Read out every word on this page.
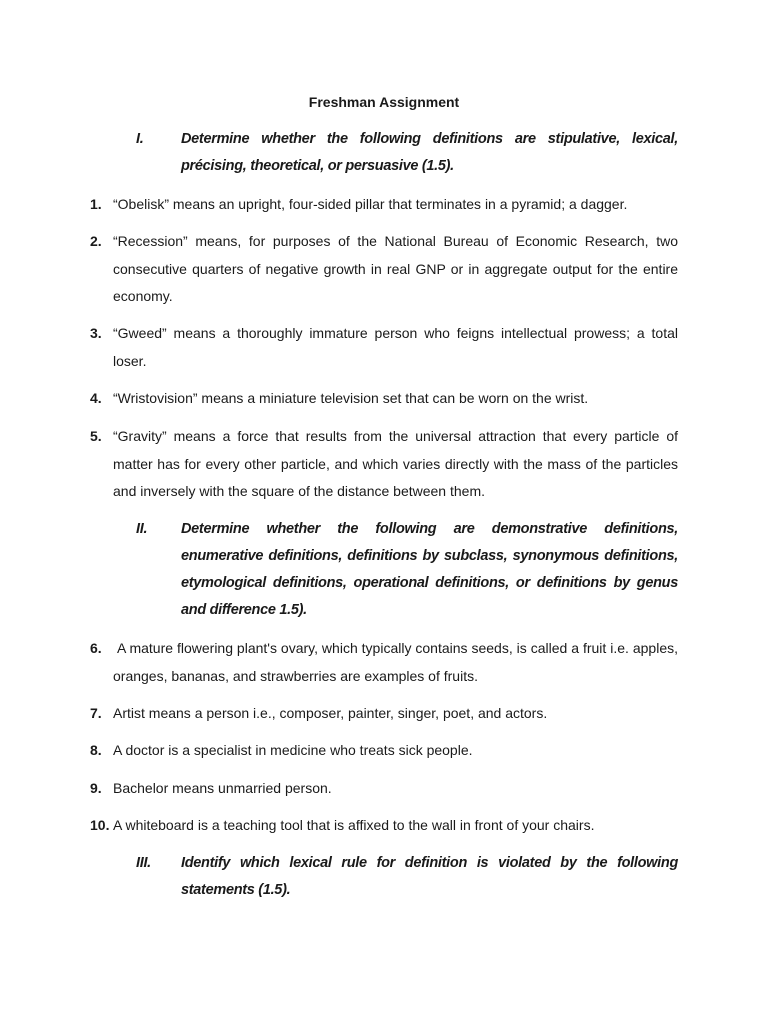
Freshman Assignment
I.	Determine whether the following definitions are stipulative, lexical, précising, theoretical, or persuasive (1.5).
1. “Obelisk” means an upright, four-sided pillar that terminates in a pyramid; a dagger.
2. “Recession” means, for purposes of the National Bureau of Economic Research, two consecutive quarters of negative growth in real GNP or in aggregate output for the entire economy.
3. “Gweed” means a thoroughly immature person who feigns intellectual prowess; a total loser.
4. “Wristovision” means a miniature television set that can be worn on the wrist.
5. “Gravity” means a force that results from the universal attraction that every particle of matter has for every other particle, and which varies directly with the mass of the particles and inversely with the square of the distance between them.
II. Determine whether the following are demonstrative definitions, enumerative definitions, definitions by subclass, synonymous definitions, etymological definitions, operational definitions, or definitions by genus and difference 1.5).
6. A mature flowering plant's ovary, which typically contains seeds, is called a fruit i.e. apples, oranges, bananas, and strawberries are examples of fruits.
7. Artist means a person i.e., composer, painter, singer, poet, and actors.
8. A doctor is a specialist in medicine who treats sick people.
9. Bachelor means unmarried person.
10. A whiteboard is a teaching tool that is affixed to the wall in front of your chairs.
III. Identify which lexical rule for definition is violated by the following statements (1.5).
